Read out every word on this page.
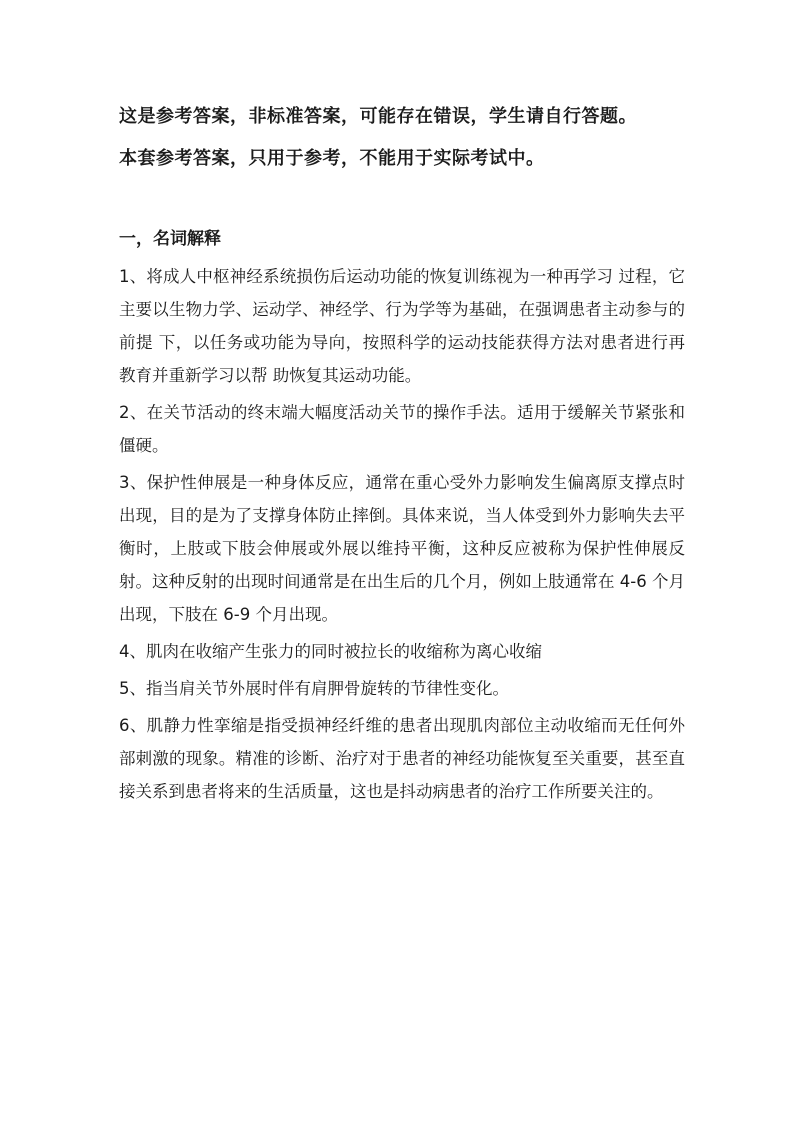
这是参考答案，非标准答案，可能存在错误，学生请自行答题。

本套参考答案，只用于参考，不能用于实际考试中。

一，名词解释

1、将成人中枢神经系统损伤后运动功能的恢复训练视为一种再学习 过程，它主要以生物力学、运动学、神经学、行为学等为基础，在强调患者主动参与的前提 下，以任务或功能为导向，按照科学的运动技能获得方法对患者进行再教育并重新学习以帮 助恢复其运动功能。

2、在关节活动的终末端大幅度活动关节的操作手法。适用于缓解关节紧张和僵硬。

3、保护性伸展是一种身体反应，通常在重心受外力影响发生偏离原支撑点时出现，目的是为了支撑身体防止摔倒。具体来说，当人体受到外力影响失去平衡时，上肢或下肢会伸展或外展以维持平衡，这种反应被称为保护性伸展反射。这种反射的出现时间通常是在出生后的几个月，例如上肢通常在 4-6 个月出现，下肢在 6-9 个月出现。

4、肌肉在收缩产生张力的同时被拉长的收缩称为离心收缩

5、指当肩关节外展时伴有肩胛骨旋转的节律性变化。

6、肌静力性挛缩是指受损神经纤维的患者出现肌肉部位主动收缩而无任何外部刺激的现象。精准的诊断、治疗对于患者的神经功能恢复至关重要，甚至直接关系到患者将来的生活质量，这也是抖动病患者的治疗工作所要关注的。
